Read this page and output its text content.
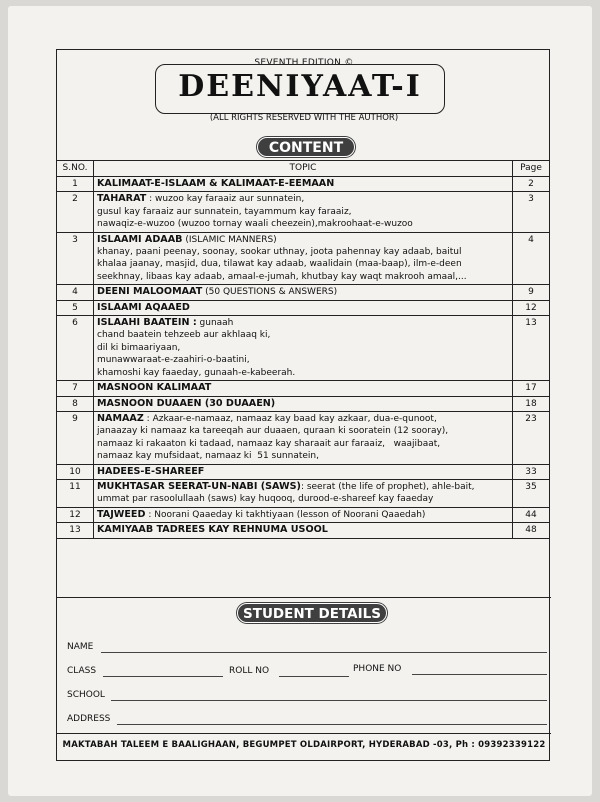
SEVENTH EDITION ©
DEENIYAAT-I
(ALL RIGHTS RESERVED WITH THE AUTHOR)
CONTENT
S.NO.	TOPIC	Page
1	KALIMAAT-E-ISLAAM & KALIMAAT-E-EEMAAN	2
2	TAHARAT : wuzoo kay faraaiz aur sunnatein,
gusul kay faraaiz aur sunnatein, tayammum kay faraaiz,
nawaqiz-e-wuzoo (wuzoo tornay waali cheezein),makroohaat-e-wuzoo	3
3	ISLAAMI ADAAB (ISLAMIC MANNERS)
khanay, paani peenay, soonay, sookar uthnay, joota pahennay kay adaab, baitul
khalaa jaanay, masjid, dua, tilawat kay adaab, waalidain (maa-baap), ilm-e-deen
seekhnay, libaas kay adaab, amaal-e-jumah, khutbay kay waqt makrooh amaal,...	4
4	DEENI MALOOMAAT (50 QUESTIONS & ANSWERS)	9
5	ISLAAMI AQAAED	12
6	ISLAAHI BAATEIN : gunaah
chand baatein tehzeeb aur akhlaaq ki,
dil ki bimaariyaan,
munawwaraat-e-zaahiri-o-baatini,
khamoshi kay faaeday, gunaah-e-kabeerah.	13
7	MASNOON KALIMAAT	17
8	MASNOON DUAAEN (30 DUAAEN)	18
9	NAMAAZ : Azkaar-e-namaaz, namaaz kay baad kay azkaar, dua-e-qunoot,
janaazay ki namaaz ka tareeqah aur duaaen, quraan ki sooratein (12 sooray),
namaaz ki rakaaton ki tadaad, namaaz kay sharaait aur faraaiz,   waajibaat,
namaaz kay mufsidaat, namaaz ki  51 sunnatein,	23
10	HADEES-E-SHAREEF	33
11	MUKHTASAR SEERAT-UN-NABI (SAWS): seerat (the life of prophet), ahle-bait,
ummat par rasoolullaah (saws) kay huqooq, durood-e-shareef kay faaeday	35
12	TAJWEED : Noorani Qaaeday ki takhtiyaan (lesson of Noorani Qaaedah)	44
13	KAMIYAAB TADREES KAY REHNUMA USOOL	48
STUDENT DETAILS
NAME
CLASS	ROLL NO	PHONE NO
SCHOOL
ADDRESS
MAKTABAH TALEEM E BAALIGHAAN, BEGUMPET OLDAIRPORT, HYDERABAD -03, Ph : 09392339122
